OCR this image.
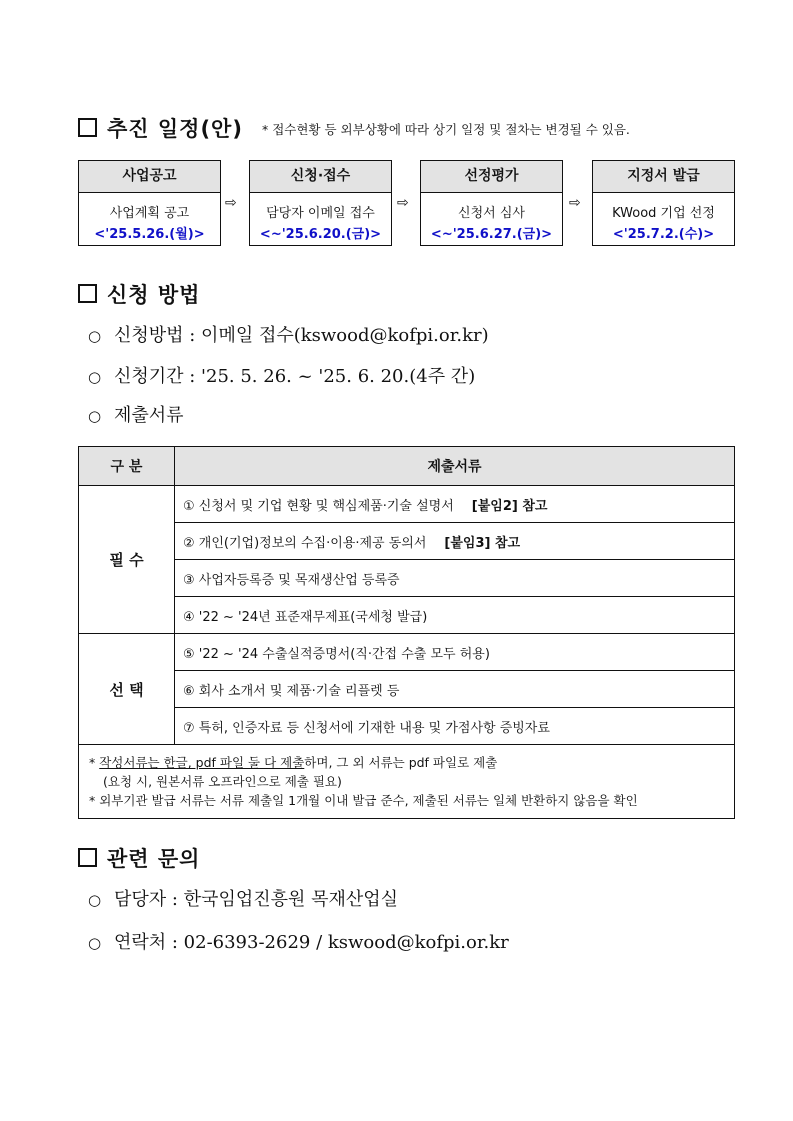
추진 일정(안) * 접수현황 등 외부상황에 따라 상기 일정 및 절차는 변경될 수 있음.
사업공고
사업계획 공고
<'25.5.26.(월)>
⇨
신청·접수
담당자 이메일 접수
<~'25.6.20.(금)>
⇨
선정평가
신청서 심사
<~'25.6.27.(금)>
⇨
지정서 발급
KWood 기업 선정
<'25.7.2.(수)>
신청 방법
○ 신청방법 : 이메일 접수(kswood@kofpi.or.kr)
○ 신청기간 : '25. 5. 26. ~ '25. 6. 20.(4주 간)
○ 제출서류
구 분	제출서류
필 수	① 신청서 및 기업 현황 및 핵심제품·기술 설명서 [붙임2] 참고
	② 개인(기업)정보의 수집·이용·제공 동의서 [붙임3] 참고
	③ 사업자등록증 및 목재생산업 등록증
	④ '22 ~ '24년 표준재무제표(국세청 발급)
선 택	⑤ '22 ~ '24 수출실적증명서(직·간접 수출 모두 허용)
	⑥ 회사 소개서 및 제품·기술 리플렛 등
	⑦ 특허, 인증자료 등 신청서에 기재한 내용 및 가점사항 증빙자료

* 작성서류는 한글, pdf 파일 둘 다 제출하며, 그 외 서류는 pdf 파일로 제출
(요청 시, 원본서류 오프라인으로 제출 필요)
* 외부기관 발급 서류는 서류 제출일 1개월 이내 발급 준수, 제출된 서류는 일체 반환하지 않음을 확인	
관련 문의
○ 담당자 : 한국임업진흥원 목재산업실
○ 연락처 : 02-6393-2629 / kswood@kofpi.or.kr
